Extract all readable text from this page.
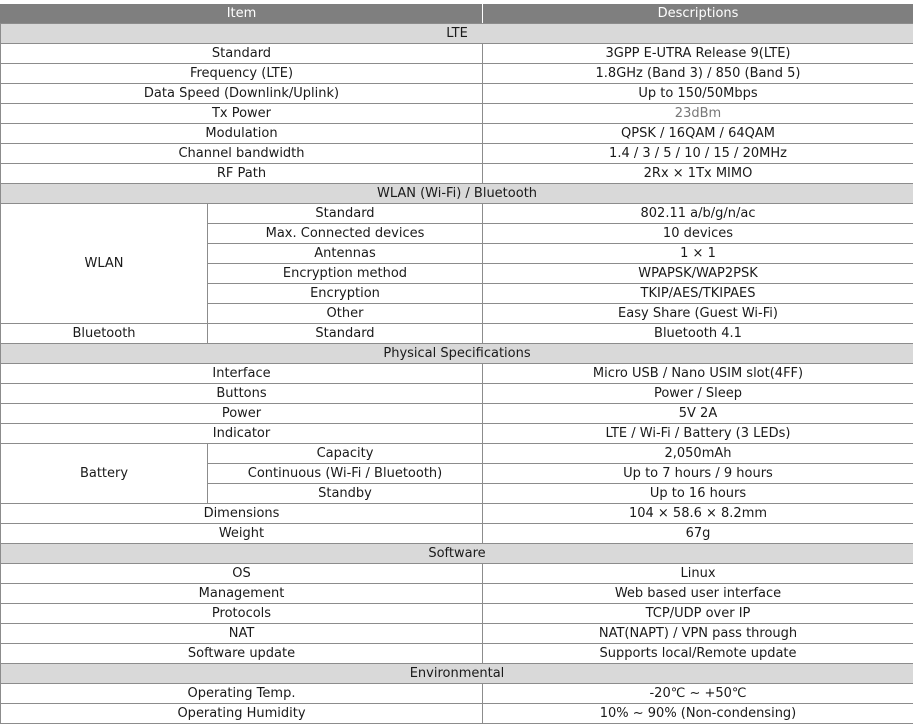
Item		Descriptions
LTE		
Standard		3GPP E-UTRA Release 9(LTE)
Frequency (LTE)		1.8GHz (Band 3) / 850 (Band 5)
Data Speed (Downlink/Uplink)		Up to 150/50Mbps
Tx Power		23dBm
Modulation		QPSK / 16QAM / 64QAM
Channel bandwidth		1.4 / 3 / 5 / 10 / 15 / 20MHz
RF Path		2Rx × 1Tx MIMO
WLAN (Wi-Fi) / Bluetooth		
WLAN	Standard	802.11 a/b/g/n/ac
	Max. Connected devices	10 devices
	Antennas	1 × 1
	Encryption method	WPAPSK/WAP2PSK
	Encryption	TKIP/AES/TKIPAES
	Other	Easy Share (Guest Wi-Fi)
Bluetooth	Standard	Bluetooth 4.1
Physical Specifications		
Interface		Micro USB / Nano USIM slot(4FF)
Buttons		Power / Sleep
Power		5V 2A
Indicator		LTE / Wi-Fi / Battery (3 LEDs)
Battery	Capacity	2,050mAh
	Continuous (Wi-Fi / Bluetooth)	Up to 7 hours / 9 hours
	Standby	Up to 16 hours
Dimensions		104 × 58.6 × 8.2mm
Weight		67g
Software		
OS		Linux
Management		Web based user interface
Protocols		TCP/UDP over IP
NAT		NAT(NAPT) / VPN pass through
Software update		Supports local/Remote update
Environmental		
Operating Temp.		-20℃ ~ +50℃
Operating Humidity		10% ~ 90% (Non-condensing)
